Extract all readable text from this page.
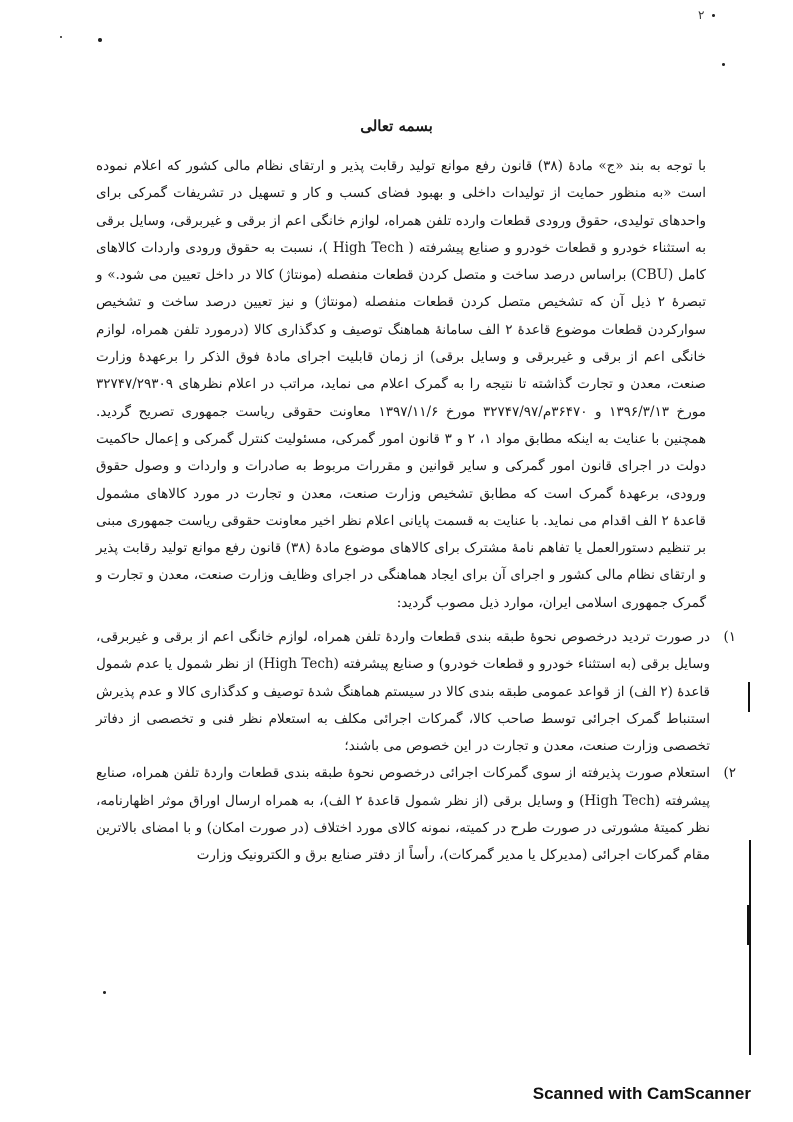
۲
بسمه تعالی

با توجه به بند «ج» مادهٔ (۳۸) قانون رفع موانع تولید رقابت پذیر و ارتقای نظام مالی کشور که اعلام نموده است «به منظور حمایت از تولیدات داخلی و بهبود فضای کسب و کار و تسهیل در تشریفات گمرکی برای واحدهای تولیدی، حقوق ورودی قطعات وارده تلفن همراه، لوازم خانگی اعم از برقی و غیربرقی، وسایل برقی به استثناء خودرو و قطعات خودرو و صنایع پیشرفته ( High Tech )، نسبت به حقوق ورودی واردات کالاهای کامل (CBU) براساس درصد ساخت و متصل کردن قطعات منفصله (مونتاژ) کالا در داخل تعیین می شود.» و تبصرهٔ ۲ ذیل آن که تشخیص متصل کردن قطعات منفصله (مونتاژ) و نیز تعیین درصد ساخت و تشخیص سوارکردن قطعات موضوع قاعدهٔ ۲ الف سامانهٔ هماهنگ توصیف و کدگذاری کالا (درمورد تلفن همراه، لوازم خانگی اعم از برقی و غیربرقی و وسایل برقی) از زمان قابلیت اجرای مادهٔ فوق الذکر را برعهدهٔ وزارت صنعت، معدن و تجارت گذاشته تا نتیجه را به گمرک اعلام می نماید، مراتب در اعلام نظرهای ۳۲۷۴۷/۲۹۳۰۹ مورخ ۱۳۹۶/۳/۱۳ و ۳۶۴۷۰م/۳۲۷۴۷/۹۷ مورخ ۱۳۹۷/۱۱/۶ معاونت حقوقی ریاست جمهوری تصریح گردید. همچنین با عنایت به اینکه مطابق مواد ۱، ۲ و ۳ قانون امور گمرکی، مسئولیت کنترل گمرکی و إعمال حاکمیت دولت در اجرای قانون امور گمرکی و سایر قوانین و مقررات مربوط به صادرات و واردات و وصول حقوق ورودی، برعهدهٔ گمرک است که مطابق تشخیص وزارت صنعت، معدن و تجارت در مورد کالاهای مشمول قاعدهٔ ۲ الف اقدام می نماید. با عنایت به قسمت پایانی اعلام نظر اخیر معاونت حقوقی ریاست جمهوری مبنی بر تنظیم دستورالعمل یا تفاهم نامهٔ مشترک برای کالاهای موضوع مادهٔ (۳۸) قانون رفع موانع تولید رقابت پذیر و ارتقای نظام مالی کشور و اجرای آن برای ایجاد هماهنگی در اجرای وظایف وزارت صنعت، معدن و تجارت و گمرک جمهوری اسلامی ایران، موارد ذیل مصوب گردید:

۱)
در صورت تردید درخصوص نحوهٔ طبقه بندی قطعات واردهٔ تلفن همراه، لوازم خانگی اعم از برقی و غیربرقی، وسایل برقی (به استثناء خودرو و قطعات خودرو) و صنایع پیشرفته (High Tech) از نظر شمول یا عدم شمول قاعدهٔ (۲ الف) از قواعد عمومی طبقه بندی کالا در سیستم هماهنگ شدهٔ توصیف و کدگذاری کالا و عدم پذیرش استنباط گمرک اجرائی توسط صاحب کالا، گمرکات اجرائی مکلف به استعلام نظر فنی و تخصصی از دفاتر تخصصی وزارت صنعت، معدن و تجارت در این خصوص می باشند؛
۲)
استعلام صورت پذیرفته از سوی گمرکات اجرائی درخصوص نحوهٔ طبقه بندی قطعات واردهٔ تلفن همراه، صنایع پیشرفته (High Tech) و وسایل برقی (از نظر شمول قاعدهٔ ۲ الف)، به همراه ارسال اوراق موثر اظهارنامه، نظر کمیتهٔ مشورتی در صورت طرح در کمیته، نمونه کالای مورد اختلاف (در صورت امکان) و با امضای بالاترین مقام گمرکات اجرائی (مدیرکل یا مدیر گمرکات)، رأساً از دفتر صنایع برق و الکترونیک وزارت
Scanned with CamScanner
